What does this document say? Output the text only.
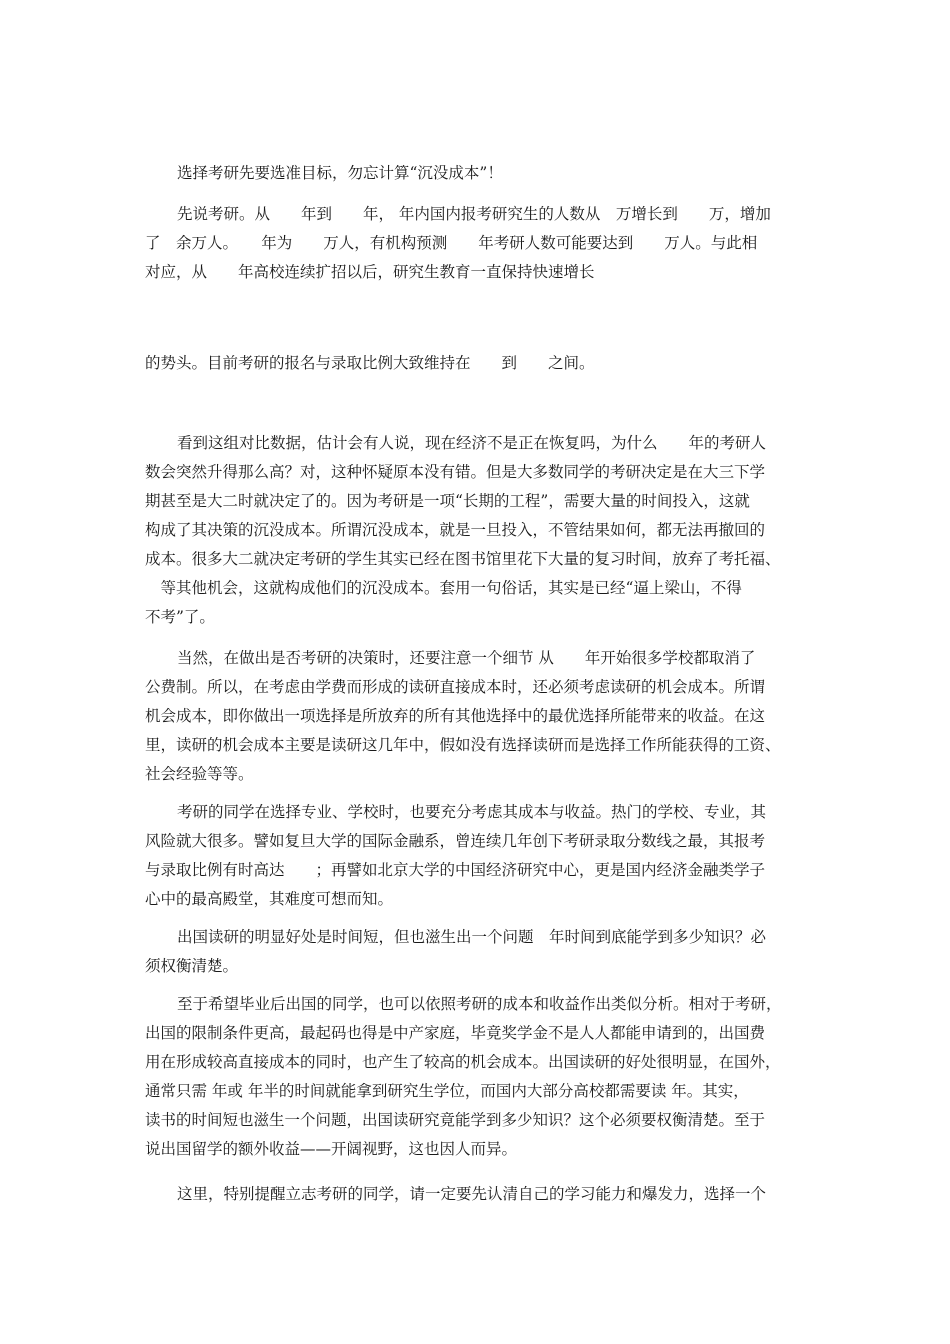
选择考研先要选准目标，勿忘计算“沉没成本”！
先说考研。从　　年到　　年， 年内国内报考研究生的人数从　万增长到　　万，增加
了　余万人。　　年为　　万人，有机构预测　　年考研人数可能要达到　　万人。与此相
对应，从　　年高校连续扩招以后，研究生教育一直保持快速增长
的势头。目前考研的报名与录取比例大致维持在　　到　　之间。
看到这组对比数据，估计会有人说，现在经济不是正在恢复吗，为什么　　年的考研人
数会突然升得那么高？对，这种怀疑原本没有错。但是大多数同学的考研决定是在大三下学
期甚至是大二时就决定了的。因为考研是一项“长期的工程”，需要大量的时间投入，这就
构成了其决策的沉没成本。所谓沉没成本，就是一旦投入，不管结果如何，都无法再撤回的
成本。很多大二就决定考研的学生其实已经在图书馆里花下大量的复习时间，放弃了考托福、
　等其他机会，这就构成他们的沉没成本。套用一句俗话，其实是已经“逼上梁山，不得
不考”了。
当然，在做出是否考研的决策时，还要注意一个细节 从　　年开始很多学校都取消了
公费制。所以，在考虑由学费而形成的读研直接成本时，还必须考虑读研的机会成本。所谓
机会成本，即你做出一项选择是所放弃的所有其他选择中的最优选择所能带来的收益。在这
里，读研的机会成本主要是读研这几年中，假如没有选择读研而是选择工作所能获得的工资、
社会经验等等。
考研的同学在选择专业、学校时，也要充分考虑其成本与收益。热门的学校、专业，其
风险就大很多。譬如复旦大学的国际金融系，曾连续几年创下考研录取分数线之最，其报考
与录取比例有时高达　　；再譬如北京大学的中国经济研究中心，更是国内经济金融类学子
心中的最高殿堂，其难度可想而知。
出国读研的明显好处是时间短，但也滋生出一个问题　年时间到底能学到多少知识？必
须权衡清楚。
至于希望毕业后出国的同学，也可以依照考研的成本和收益作出类似分析。相对于考研，
出国的限制条件更高，最起码也得是中产家庭，毕竟奖学金不是人人都能申请到的，出国费
用在形成较高直接成本的同时，也产生了较高的机会成本。出国读研的好处很明显，在国外，
通常只需 年或 年半的时间就能拿到研究生学位，而国内大部分高校都需要读 年。其实，
读书的时间短也滋生一个问题，出国读研究竟能学到多少知识？这个必须要权衡清楚。至于
说出国留学的额外收益——开阔视野，这也因人而异。
这里，特别提醒立志考研的同学，请一定要先认清自己的学习能力和爆发力，选择一个
